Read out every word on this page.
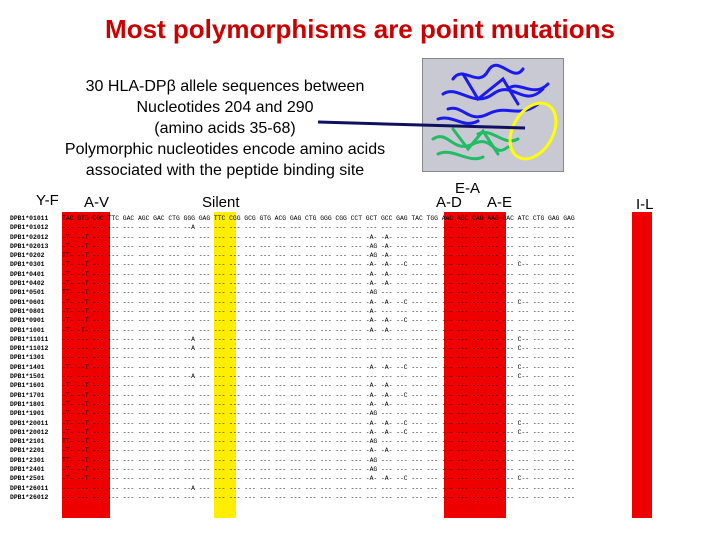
Most polymorphisms are point mutations
30 HLA-DPβ allele sequences between
Nucleotides 204 and 290
(amino acids 35-68)
Polymorphic nucleotides encode amino acids
associated with the peptide binding site
Y-F A-V	Silent
E-A
A-D A-E	I-L
DPB1*01011 TAC GTG CGC TTC GAC AGC GAC CTG GGG GAG TTC CGG GCG GTG ACG GAG CTG GGG CGG CCT GCT GCC GAG TAC TGG AAC AGC CAG AAG GAC ATC CTG GAG GAG
DPB1*01012 --- --- --- --- --- --- --- --- --A --- --- --- --- --- --- --- --- --- --- --- --- --- --- --- --- --- --- --- --- --- --- --- --- ---
DPB1*02012 -T- --T --- --- --- --- --- --- --- --- --- --- --- --- --- --- --- --- --- --- -A- -A- --- --- --- --- --- --- --- --- --- --- --- ---
DPB1*02013 -T- --T --- --- --- --- --- --- --- --- --- --- --- --- --- --- --- --- --- --- -AG -A- --- --- --- --- --- --- --- --- --- --- --- ---
DPB1*0202	TT- --T --- --- --- --- --- --- --- --- --- --- --- --- --- --- --- --- --- --- -AG -A- --- --- --- --- --- --- --- --- --- --- --- ---
DPB1*0301	-T- --T --- --- --- --- --- --- --- --- --- --- --- --- --- --- --- --- --- --- -A- -A- --C --- --- --- --- --- --- --- C-- --- --- ---
DPB1*0401	-T- --T --- --- --- --- --- --- --- --- --- --- --- --- --- --- --- --- --- --- -A- -A- --- --- --- --- --- --- --- --- --- --- --- ---
DPB1*0402	-T- --T --- --- --- --- --- --- --- --- --- --- --- --- --- --- --- --- --- --- -A- -A- --- --- --- --- --- --- --- --- --- --- --- ---
DPB1*0501	TT- --T --- --- --- --- --- --- --- --- --- --- --- --- --- --- --- --- --- --- -AG --- --- --- --- --- --- --- --- --- --- --- --- ---
DPB1*0601	-T- --T --- --- --- --- --- --- --- --- --- --- --- --- --- --- --- --- --- --- -A- -A- --C --- --- --- --- --- --- --- C-- --- --- ---
DPB1*0801	-T- --T --- --- --- --- --- --- --- --- --- --- --- --- --- --- --- --- --- --- -A- --- --- --- --- --- --- --- --- --- --- --- --- ---
DPB1*0901	-T- --T --- --- --- --- --- --- --- --- --- --- --- --- --- --- --- --- --- --- -A- -A- --C --- --- --- --- --- --- --- --- --- --- ---
DPB1*1001	-T- -T- --- --- --- --- --- --- --- --- --- --- --- --- --- --- --- --- --- --- -A- -A- --- --- --- --- --- --- --- --- --- --- --- ---
DPB1*11011 --- --- --- --- --- --- --- --- --A --- --- --- --- --- --- --- --- --- --- --- --- --- --- --- --- --- --- --- --- --- C-- --- --- ---
DPB1*11012 --- --- --- --- --- --- --- --- --A --- --- --- --- --- --- --- --- --- --- --- --- --- --- --- --- --- --- --- --- --- C-- --- --- ---
DPB1*1301	--- --- --- --- --- --- --- --- --- --- --- --- --- --- --- --- --- --- --- --- --- --- --- --- --- --- --- --- --- --- --- --- --- ---
DPB1*1401	-T- --T --- --- --- --- --- --- --- --- --- --- --- --- --- --- --- --- --- --- -A- -A- --C --- --- --- --- --- --- --- C-- --- --- ---
DPB1*1501	--- --- --- --- --- --- --- --- --A --- --- --- --- --- --- --- --- --- --- --- --- --- --- --- --- --- --- --- --- --- C-- --- --- ---
DPB1*1601	-T- --T --- --- --- --- --- --- --- --- --- --- --- --- --- --- --- --- --- --- -A- -A- --- --- --- --- --- --- --- --- --- --- --- ---
DPB1*1701	-T- --T --- --- --- --- --- --- --- --- --- --- --- --- --- --- --- --- --- --- -A- -A- --C --- --- --- --- --- --- --- --- --- --- ---
DPB1*1801	-T- --T --- --- --- --- --- --- --- --- --- --- --- --- --- --- --- --- --- --- -A- -A- --- --- --- --- --- --- --- --- --- --- --- ---
DPB1*1901	-T- --T --- --- --- --- --- --- --- --- --- --- --- --- --- --- --- --- --- --- -AG --- --- --- --- --- --- --- --- --- --- --- --- ---
DPB1*20011 -T- --T --- --- --- --- --- --- --- --- --- --- --- --- --- --- --- --- --- --- -A- -A- --C --- --- --- --- --- --- --- C-- --- --- ---
DPB1*20012 -T- --T --- --- --- --- --- --- --- --- --- --- --- --- --- --- --- --- --- --- -A- -A- --C --- --- --- --- --- --- --- C-- --- --- ---
DPB1*2101	TT- --T --- --- --- --- --- --- --- --- --- --- --- --- --- --- --- --- --- --- -AG --- --- --- --- --- --- --- --- --- --- --- --- ---
DPB1*2201	-T- --T --- --- --- --- --- --- --- --- --- --- --- --- --- --- --- --- --- --- -A- -A- --- --- --- --- --- --- --- --- --- --- --- ---
DPB1*2301	TT- --T --- --- --- --- --- --- --- --- --- --- --- --- --- --- --- --- --- --- -AG --- --- --- --- --- --- --- --- --- --- --- --- ---
DPB1*2401	-T- --T --- --- --- --- --- --- --- --- --- --- --- --- --- --- --- --- --- --- -AG --- --- --- --- --- --- --- --- --- --- --- --- ---
DPB1*2501	-T- --T --- --- --- --- --- --- --- --- --- --- --- --- --- --- --- --- --- --- -A- -A- --C --- --- --- --- --- --- --- C-- --- --- ---
DPB1*26011 --- --- --- --- --- --- --- --- --A --- --- --- --- --- --- --- --- --- --- --- --- --- --- --- --- --- --- --- --- --- --- --- --- ---
DPB1*26012 --- --- --- --- --- --- --- --- --- --- --- --- --- --- --- --- --- --- --- --- --- --- --- --- --- --- --- --- --- --- --- --- --- ---
